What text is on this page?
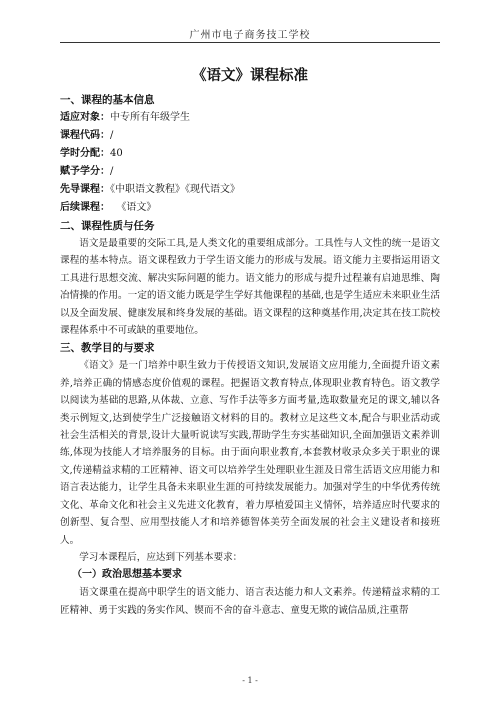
广州市电子商务技工学校
《语文》课程标准

一、课程的基本信息

适应对象：中专所有年级学生

课程代码：/

学时分配：40

赋予学分：/

先导课程：《中职语文教程》《现代语文》

后续课程：  《语文》

二、课程性质与任务

语文是最重要的交际工具,是人类文化的重要组成部分。工具性与人文性的统一是语文课程的基本特点。语文课程致力于学生语文能力的形成与发展。语文能力主要指运用语文工具进行思想交流、解决实际问题的能力。语文能力的形成与提升过程兼有启迪思维、陶冶情操的作用。一定的语文能力既是学生学好其他课程的基础,也是学生适应未来职业生活以及全面发展、健康发展和终身发展的基础。语文课程的这种奠基作用,决定其在技工院校课程体系中不可或缺的重要地位。

三、教学目的与要求

《语文》是一门培养中职生致力于传授语文知识,发展语文应用能力,全面提升语文素养,培养正确的情感态度价值观的课程。把握语文教育特点,体现职业教育特色。语文教学以阅读为基础的思路,从体裁、立意、写作手法等多方面考量,选取数量充足的课文,辅以各类示例短文,达到使学生广泛接触语文材料的目的。教材立足这些文本,配合与职业活动或社会生活相关的背景,设计大量听说读写实践,帮助学生夯实基础知识,全面加强语文素养训练,体现为技能人才培养服务的目标。由于面向职业教育,本套教材收录众多关于职业的课文,传递精益求精的工匠精神、语文可以培养学生处理职业生涯及日常生活语文应用能力和语言表达能力，让学生具备未来职业生涯的可持续发展能力。加强对学生的中华优秀传统文化、革命文化和社会主义先进文化教育，着力厚植爱国主义情怀，培养适应时代要求的创新型、复合型、应用型技能人才和培养德智体美劳全面发展的社会主义建设者和接班人。

学习本课程后，应达到下列基本要求：

（一）政治思想基本要求

语文课重在提高中职学生的语文能力、语言表达能力和人文素养。传递精益求精的工匠精神、勇于实践的务实作风、锲而不舍的奋斗意志、童叟无欺的诚信品质,注重帮

- 1 -
